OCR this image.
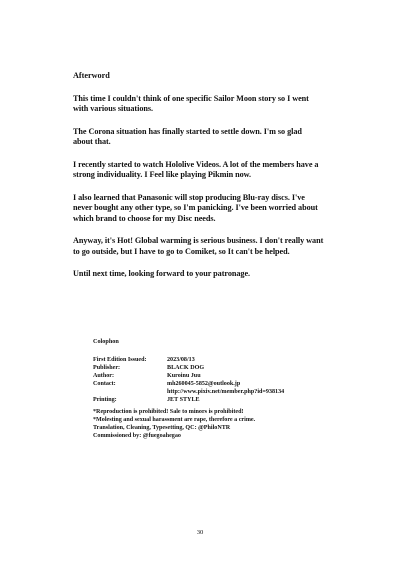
Afterword

This time I couldn't think of one specific Sailor Moon story so I went
with various situations.

The Corona situation has finally started to settle down. I'm so glad
about that.

I recently started to watch Hololive Videos. A lot of the members have a
strong individuality. I Feel like playing Pikmin now.

I also learned that Panasonic will stop producing Blu-ray discs. I've
never bought any other type, so I'm panicking. I've been worried about
which brand to choose for my Disc needs.

Anyway, it's Hot! Global warming is serious business. I don't really want
to go outside, but I have to go to Comiket, so It can't be helped.

Until next time, looking forward to your patronage.

Colophon
First Edition Issued:	2023/08/13
Publisher:	BLACK DOG
Author:	Kuroinu Juu
Contact:	mh260045-5852@outlook.jp
	http://www.pixiv.net/member.php?id=938134
Printing:	JET STYLE
*Reproduction is prohibited! Sale to minors is prohibited!
*Molesting and sexual harassment are rape, therefore a crime.
Translation, Cleaning, Typesetting, QC: @PhiloNTR
Commissioned by: @fuegoahegao
30
